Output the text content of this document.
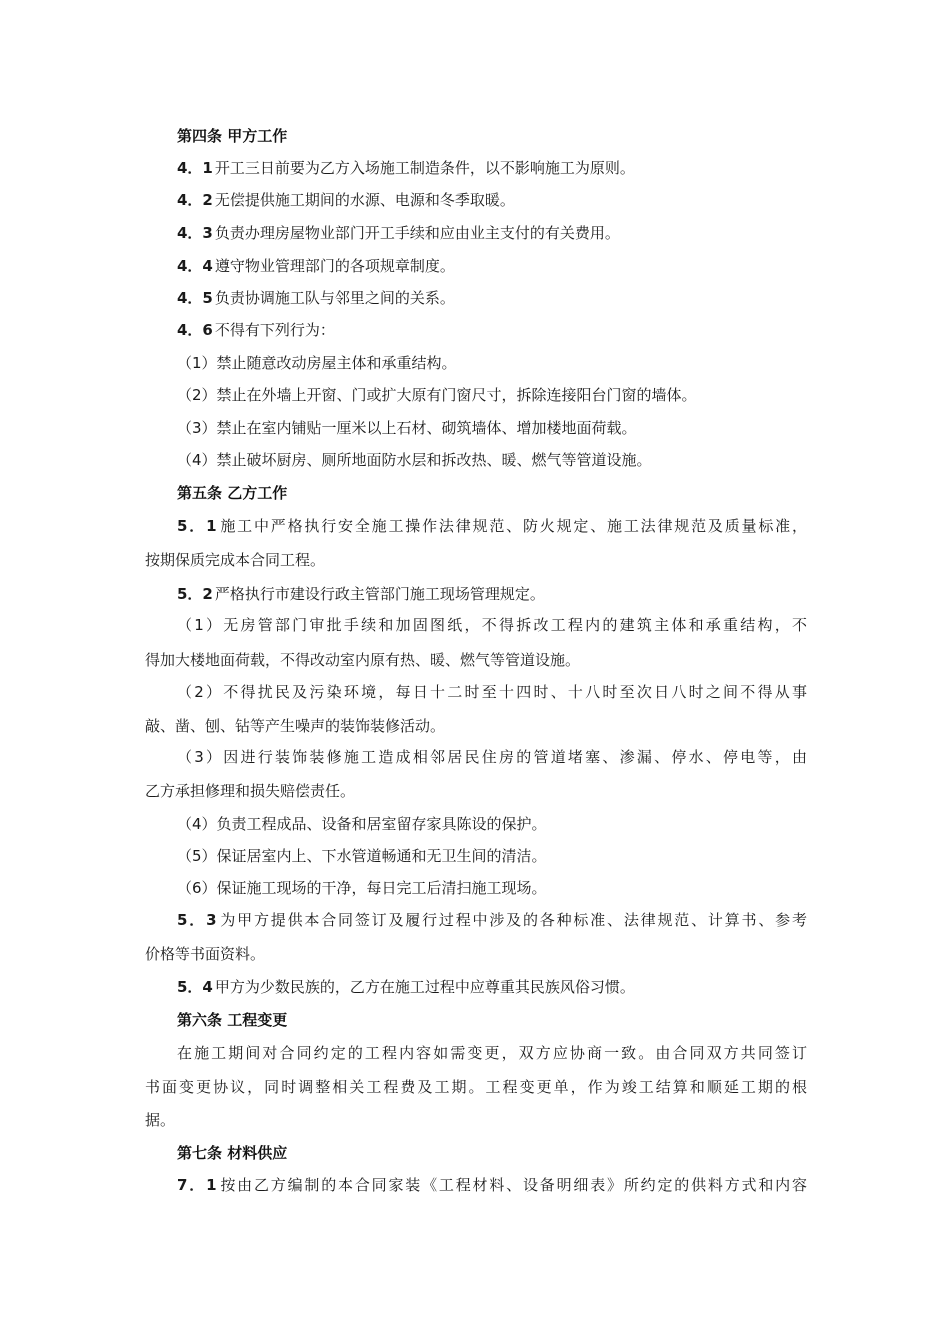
第四条 甲方工作
4．1 开工三日前要为乙方入场施工制造条件，以不影响施工为原则。
4．2 无偿提供施工期间的水源、电源和冬季取暖。
4．3 负责办理房屋物业部门开工手续和应由业主支付的有关费用。
4．4 遵守物业管理部门的各项规章制度。
4．5 负责协调施工队与邻里之间的关系。
4．6 不得有下列行为：
（1）禁止随意改动房屋主体和承重结构。
（2）禁止在外墙上开窗、门或扩大原有门窗尺寸，拆除连接阳台门窗的墙体。
（3）禁止在室内铺贴一厘米以上石材、砌筑墙体、增加楼地面荷载。
（4）禁止破坏厨房、厕所地面防水层和拆改热、暖、燃气等管道设施。
第五条 乙方工作
5．1 施工中严格执行安全施工操作法律规范、防火规定、施工法律规范及质量标准，
按期保质完成本合同工程。
5．2 严格执行市建设行政主管部门施工现场管理规定。
（1）无房管部门审批手续和加固图纸，不得拆改工程内的建筑主体和承重结构，不
得加大楼地面荷载，不得改动室内原有热、暖、燃气等管道设施。
（2）不得扰民及污染环境，每日十二时至十四时、十八时至次日八时之间不得从事
敲、凿、刨、钻等产生噪声的装饰装修活动。
（3）因进行装饰装修施工造成相邻居民住房的管道堵塞、渗漏、停水、停电等，由
乙方承担修理和损失赔偿责任。
（4）负责工程成品、设备和居室留存家具陈设的保护。
（5）保证居室内上、下水管道畅通和无卫生间的清洁。
（6）保证施工现场的干净，每日完工后清扫施工现场。
5．3 为甲方提供本合同签订及履行过程中涉及的各种标准、法律规范、计算书、参考
价格等书面资料。
5．4 甲方为少数民族的，乙方在施工过程中应尊重其民族风俗习惯。
第六条 工程变更
在施工期间对合同约定的工程内容如需变更，双方应协商一致。由合同双方共同签订
书面变更协议，同时调整相关工程费及工期。工程变更单，作为竣工结算和顺延工期的根
据。
第七条 材料供应
7．1 按由乙方编制的本合同家装《工程材料、设备明细表》所约定的供料方式和内容
